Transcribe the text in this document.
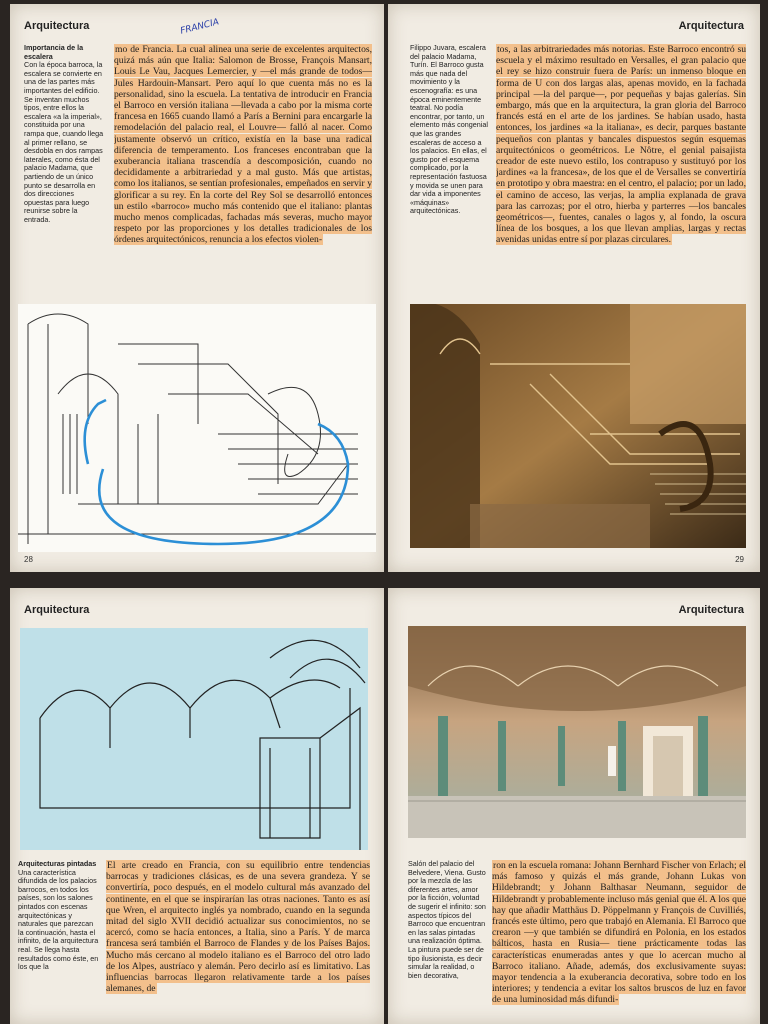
Arquitectura	FRANCIA
Importancia de la escalera
Con la época barroca, la escalera se convierte en una de las partes más importantes del edificio. Se inventan muchos tipos, entre ellos la escalera «a la imperial», constituida por una rampa que, cuando llega al primer rellano, se desdobla en dos rampas laterales, como ésta del palacio Madama, que partiendo de un único punto se desarrolla en dos direcciones opuestas para luego reunirse sobre la entrada.
mo de Francia. La cual alinea una serie de excelentes arquitectos, quizá más aún que Italia: Salomon de Brosse, François Mansart, Louis Le Vau, Jacques Lemercier, y —el más grande de todos— Jules Hardouin-Mansart. Pero aquí lo que cuenta más no es la personalidad, sino la escuela. La tentativa de introducir en Francia el Barroco en versión italiana —llevada a cabo por la misma corte francesa en 1665 cuando llamó a París a Bernini para encargarle la remodelación del palacio real, el Louvre— falló al nacer. Como justamente observó un crítico, existía en la base una radical diferencia de temperamento. Los franceses encontraban que la exuberancia italiana trascendía a descomposición, cuando no decididamente a arbitrariedad y a mal gusto. Más que artistas, como los italianos, se sentían profesionales, empeñados en servir y glorificar a su rey. En la corte del Rey Sol se desarrolló entonces un estilo «barroco» mucho más contenido que el italiano: plantas mucho menos complicadas, fachadas más severas, mucho mayor respeto por las proporciones y los detalles tradicionales de los órdenes arquitectónicos, renuncia a los efectos violen-
28
Arquitectura
Filippo Juvara, escalera del palacio Madama, Turín. El Barroco gusta más que nada del movimiento y la escenografía: es una época eminentemente teatral. No podía encontrar, por tanto, un elemento más congenial que las grandes escaleras de acceso a los palacios. En ellas, el gusto por el esquema complicado, por la representación fastuosa y movida se unen para dar vida a imponentes «máquinas» arquitectónicas.
tos, a las arbitrariedades más notorias. Este Barroco encontró su escuela y el máximo resultado en Versalles, el gran palacio que el rey se hizo construir fuera de París: un inmenso bloque en forma de U con dos largas alas, apenas movido, en la fachada principal —la del parque—, por pequeñas y bajas galerías. Sin embargo, más que en la arquitectura, la gran gloria del Barroco francés está en el arte de los jardines. Se habían usado, hasta entonces, los jardines «a la italiana», es decir, parques bastante pequeños con plantas y bancales dispuestos según esquemas arquitectónicos o geométricos. Le Nôtre, el genial paisajista creador de este nuevo estilo, los contrapuso y sustituyó por los jardines «a la francesa», de los que el de Versalles se convertiría en prototipo y obra maestra: en el centro, el palacio; por un lado, el camino de acceso, las verjas, la amplia explanada de grava para las carrozas; por el otro, hierba y parterres —los bancales geométricos—, fuentes, canales o lagos y, al fondo, la oscura línea de los bosques, a los que llevan amplias, largas y rectas avenidas unidas entre sí por plazas circulares.
29
Arquitectura
Arquitecturas pintadas
Una característica difundida de los palacios barrocos, en todos los países, son los salones pintados con escenas arquitectónicas y naturales que parezcan la continuación, hasta el infinito, de la arquitectura real. Se llega hasta resultados como éste, en los que la
El arte creado en Francia, con su equilibrio entre tendencias barrocas y tradiciones clásicas, es de una severa grandeza. Y se convertiría, poco después, en el modelo cultural más avanzado del continente, en el que se inspirarían las otras naciones. Tanto es así que Wren, el arquitecto inglés ya nombrado, cuando en la segunda mitad del siglo XVII decidió actualizar sus conocimientos, no se acercó, como se hacía entonces, a Italia, sino a París. Y de marca francesa será también el Barroco de Flandes y de los Países Bajos. Mucho más cercano al modelo italiano es el Barroco del otro lado de los Alpes, austríaco y alemán. Pero decirlo así es limitativo. Las influencias barrocas llegaron relativamente tarde a los países alemanes, de
Arquitectura
Salón del palacio del Belvedere, Viena. Gusto por la mezcla de las diferentes artes, amor por la ficción, voluntad de sugerir el infinito: son aspectos típicos del Barroco que encuentran en las salas pintadas una realización óptima. La pintura puede ser de tipo ilusionista, es decir simular la realidad, o bien decorativa,
ron en la escuela romana: Johann Bernhard Fischer von Erlach; el más famoso y quizás el más grande, Johann Lukas von Hildebrandt; y Johann Balthasar Neumann, seguidor de Hildebrandt y probablemente incluso más genial que él. A los que hay que añadir Matthäus D. Pöppelmann y François de Cuvilliés, francés este último, pero que trabajó en Alemania. El Barroco que crearon —y que también se difundirá en Polonia, en los estados bálticos, hasta en Rusia— tiene prácticamente todas las características enumeradas antes y que lo acercan mucho al Barroco italiano. Añade, además, dos exclusivamente suyas: mayor tendencia a la exuberancia decorativa, sobre todo en los interiores; y tendencia a evitar los saltos bruscos de luz en favor de una luminosidad más difundi-
